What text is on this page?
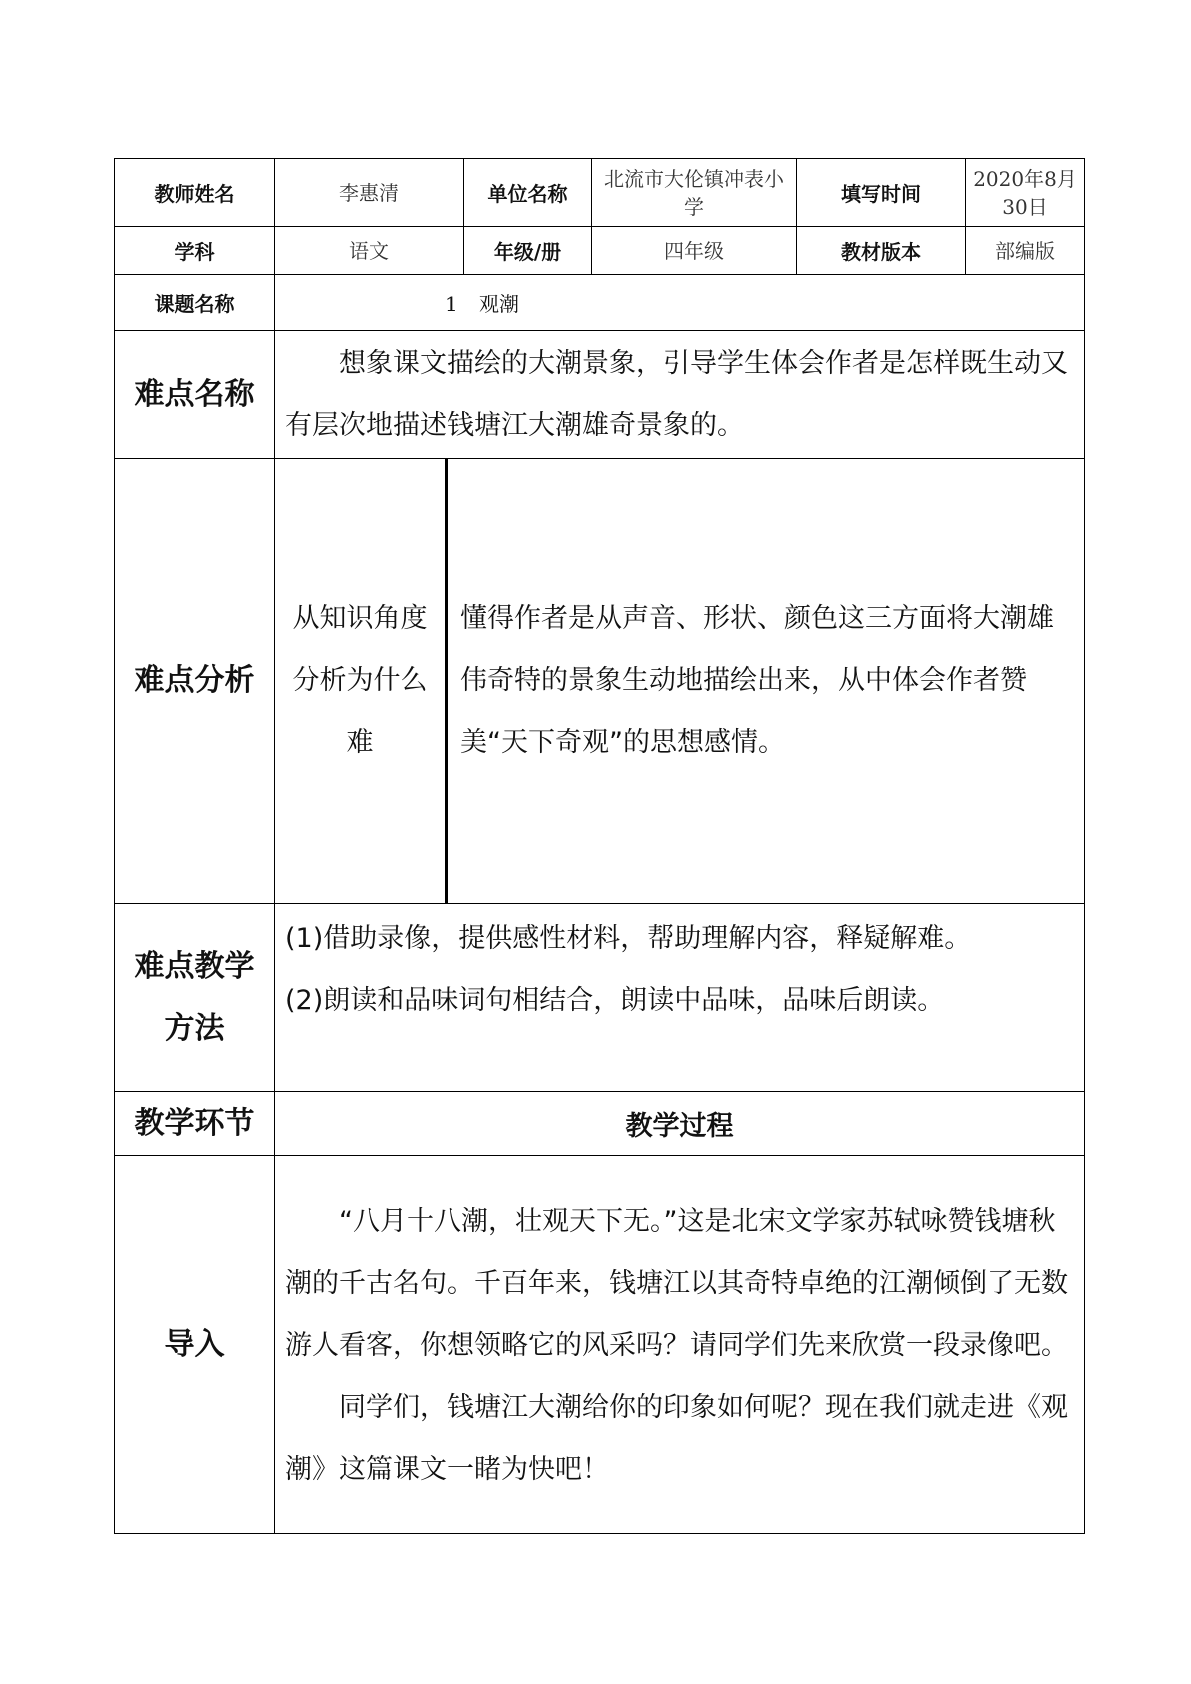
教师姓名	李惠清		单位名称	北流市大伦镇冲表小学	填写时间	2020年8月30日
学科	语文		年级/册	四年级	教材版本	部编版
课题名称	1 观潮					
难点名称	想象课文描绘的大潮景象，引导学生体会作者是怎样既生动又有层次地描述钱塘江大潮雄奇景象的。					
难点分析	从知识角度分析为什么难	懂得作者是从声音、形状、颜色这三方面将大潮雄伟奇特的景象生动地描绘出来，从中体会作者赞美“天下奇观”的思想感情。				
难点教学方法	(1)借助录像，提供感性材料，帮助理解内容，释疑解难。

(2)朗读和品味词句相结合，朗读中品味，品味后朗读。					

教学环节	教学过程					
导入	“八月十八潮，壮观天下无。”这是北宋文学家苏轼咏赞钱塘秋潮的千古名句。千百年来，钱塘江以其奇特卓绝的江潮倾倒了无数游人看客，你想领略它的风采吗？请同学们先来欣赏一段录像吧。

同学们，钱塘江大潮给你的印象如何呢？现在我们就走进《观潮》这篇课文一睹为快吧！					
